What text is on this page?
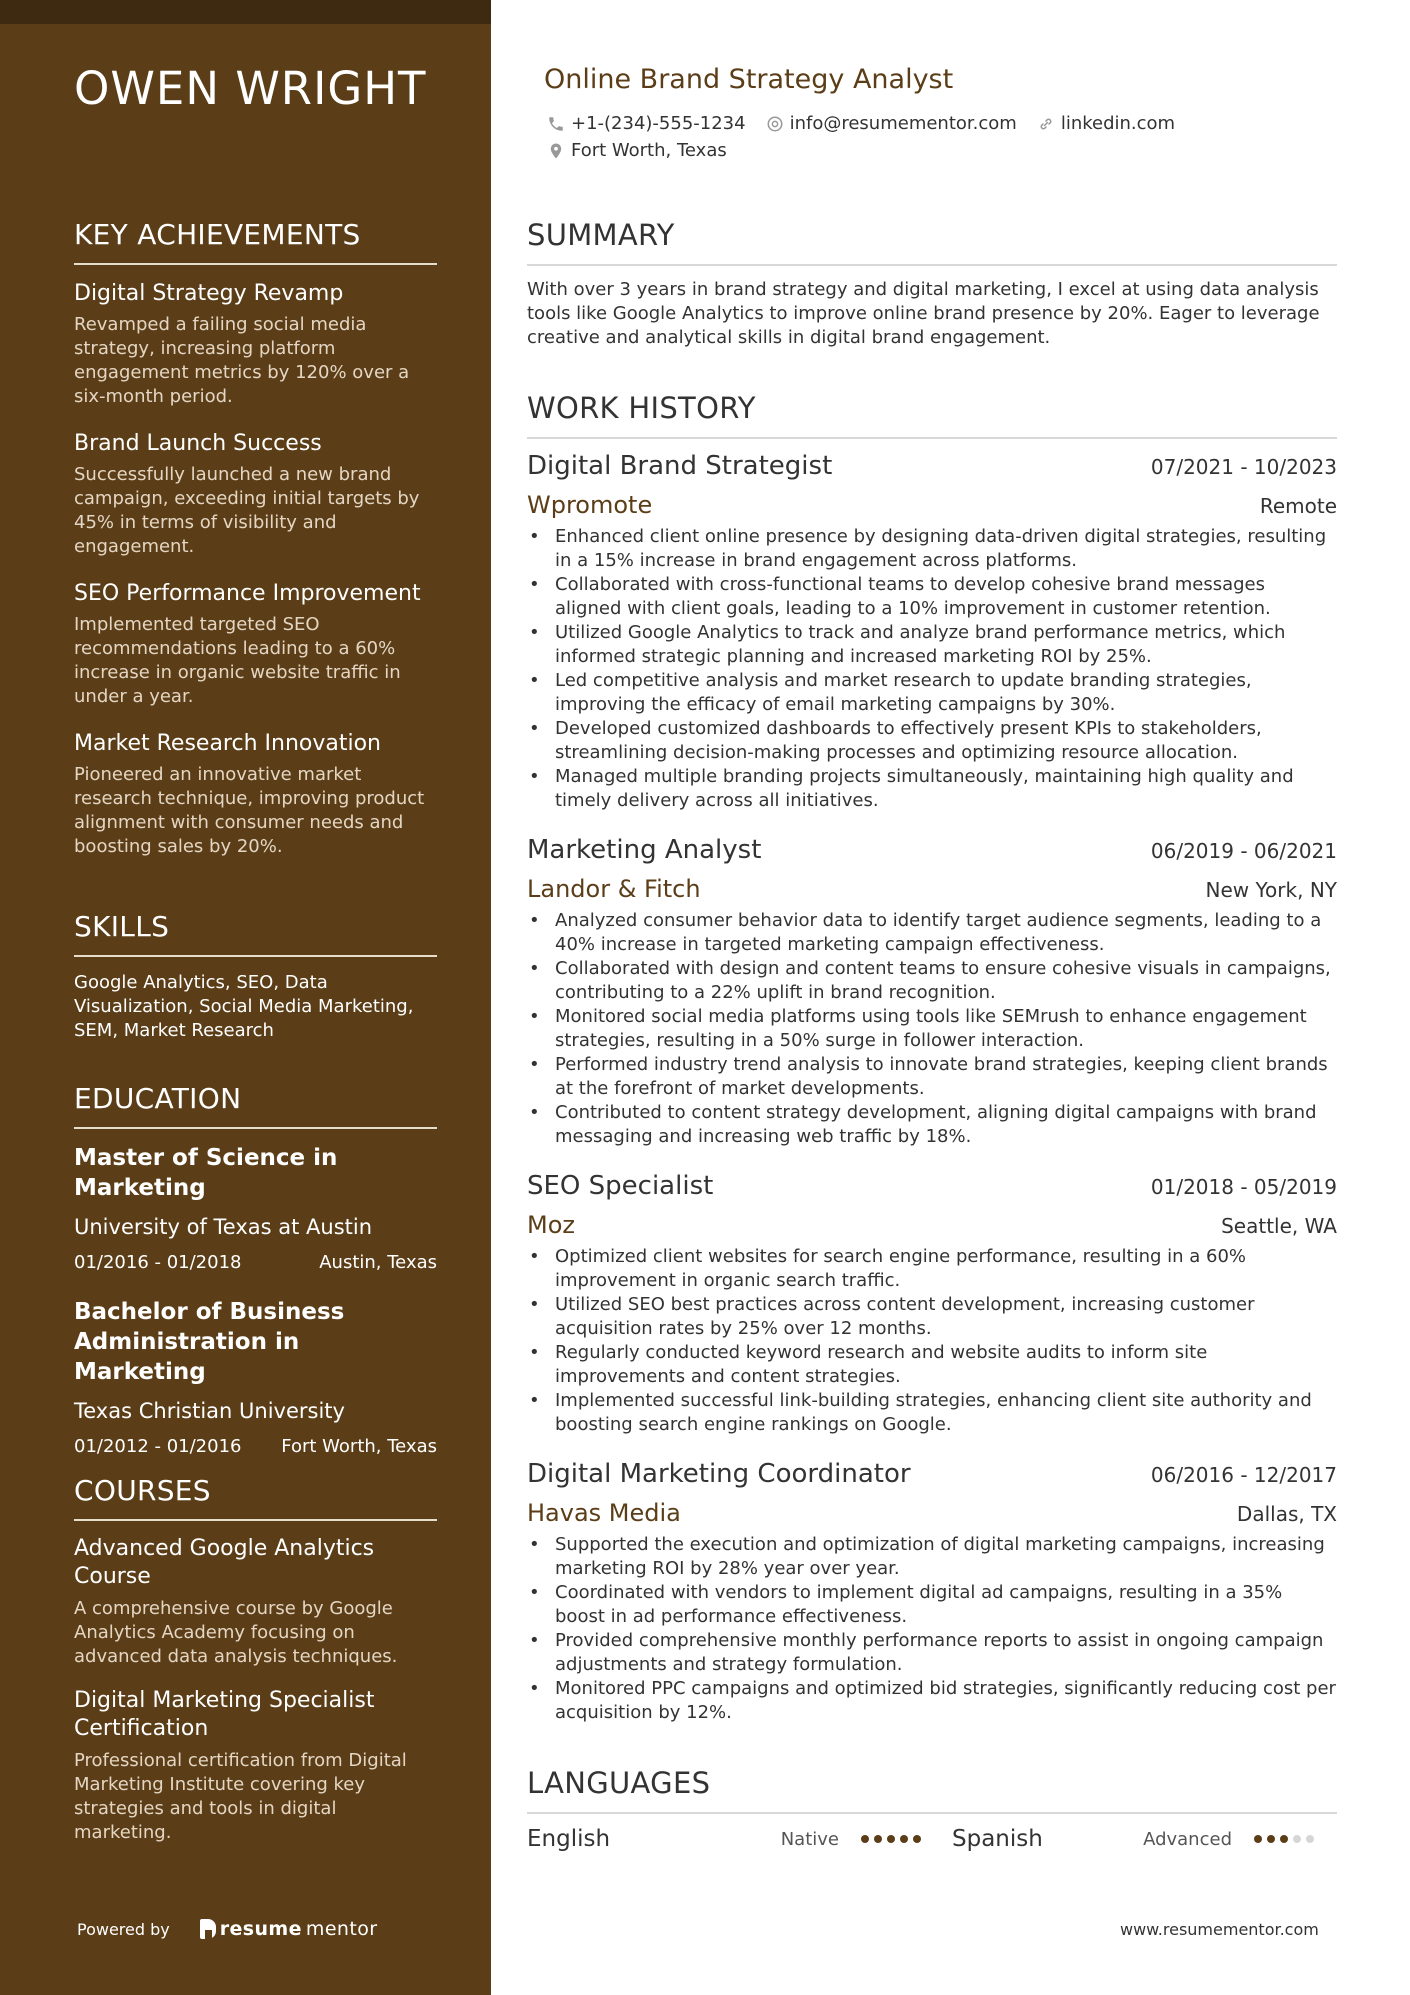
OWEN WRIGHT
KEY ACHIEVEMENTS
Digital Strategy Revamp
Revamped a failing social media strategy, increasing platform engagement metrics by 120% over a six-month period.
Brand Launch Success
Successfully launched a new brand campaign, exceeding initial targets by 45% in terms of visibility and engagement.
SEO Performance Improvement
Implemented targeted SEO recommendations leading to a 60% increase in organic website traffic in under a year.
Market Research Innovation
Pioneered an innovative market research technique, improving product alignment with consumer needs and boosting sales by 20%.
SKILLS
Google Analytics, SEO, Data Visualization, Social Media Marketing, SEM, Market Research
EDUCATION
Master of Science in Marketing
University of Texas at Austin
01/2016 - 01/2018	Austin, Texas
Bachelor of Business Administration in Marketing
Texas Christian University
01/2012 - 01/2016 Fort Worth, Texas
COURSES
Advanced Google Analytics Course
A comprehensive course by Google Analytics Academy focusing on advanced data analysis techniques.
Digital Marketing Specialist Certification
Professional certification from Digital Marketing Institute covering key strategies and tools in digital marketing.
Powered by	resume mentor
Online Brand Strategy Analyst
+1-(234)-555-1234 info@resumementor.com linkedin.com
Fort Worth, Texas
SUMMARY
With over 3 years in brand strategy and digital marketing, I excel at using data analysis tools like Google Analytics to improve online brand presence by 20%. Eager to leverage creative and analytical skills in digital brand engagement.
WORK HISTORY
Digital Brand Strategist	07/2021 - 10/2023
Wpromote	Remote
• Enhanced client online presence by designing data-driven digital strategies, resulting in a 15% increase in brand engagement across platforms.
• Collaborated with cross-functional teams to develop cohesive brand messages aligned with client goals, leading to a 10% improvement in customer retention.
• Utilized Google Analytics to track and analyze brand performance metrics, which informed strategic planning and increased marketing ROI by 25%.
• Led competitive analysis and market research to update branding strategies, improving the efficacy of email marketing campaigns by 30%.
• Developed customized dashboards to effectively present KPIs to stakeholders, streamlining decision-making processes and optimizing resource allocation.
• Managed multiple branding projects simultaneously, maintaining high quality and timely delivery across all initiatives.
Marketing Analyst	06/2019 - 06/2021
Landor & Fitch	New York, NY
• Analyzed consumer behavior data to identify target audience segments, leading to a 40% increase in targeted marketing campaign effectiveness.
• Collaborated with design and content teams to ensure cohesive visuals in campaigns, contributing to a 22% uplift in brand recognition.
• Monitored social media platforms using tools like SEMrush to enhance engagement strategies, resulting in a 50% surge in follower interaction.
• Performed industry trend analysis to innovate brand strategies, keeping client brands at the forefront of market developments.
• Contributed to content strategy development, aligning digital campaigns with brand messaging and increasing web traffic by 18%.
SEO Specialist	01/2018 - 05/2019
Moz	Seattle, WA
• Optimized client websites for search engine performance, resulting in a 60% improvement in organic search traffic.
• Utilized SEO best practices across content development, increasing customer acquisition rates by 25% over 12 months.
• Regularly conducted keyword research and website audits to inform site improvements and content strategies.
• Implemented successful link-building strategies, enhancing client site authority and boosting search engine rankings on Google.
Digital Marketing Coordinator	06/2016 - 12/2017
Havas Media	Dallas, TX
• Supported the execution and optimization of digital marketing campaigns, increasing marketing ROI by 28% year over year.
• Coordinated with vendors to implement digital ad campaigns, resulting in a 35% boost in ad performance effectiveness.
• Provided comprehensive monthly performance reports to assist in ongoing campaign adjustments and strategy formulation.
• Monitored PPC campaigns and optimized bid strategies, significantly reducing cost per acquisition by 12%.
LANGUAGES
English	Native	Spanish	Advanced
www.resumementor.com
